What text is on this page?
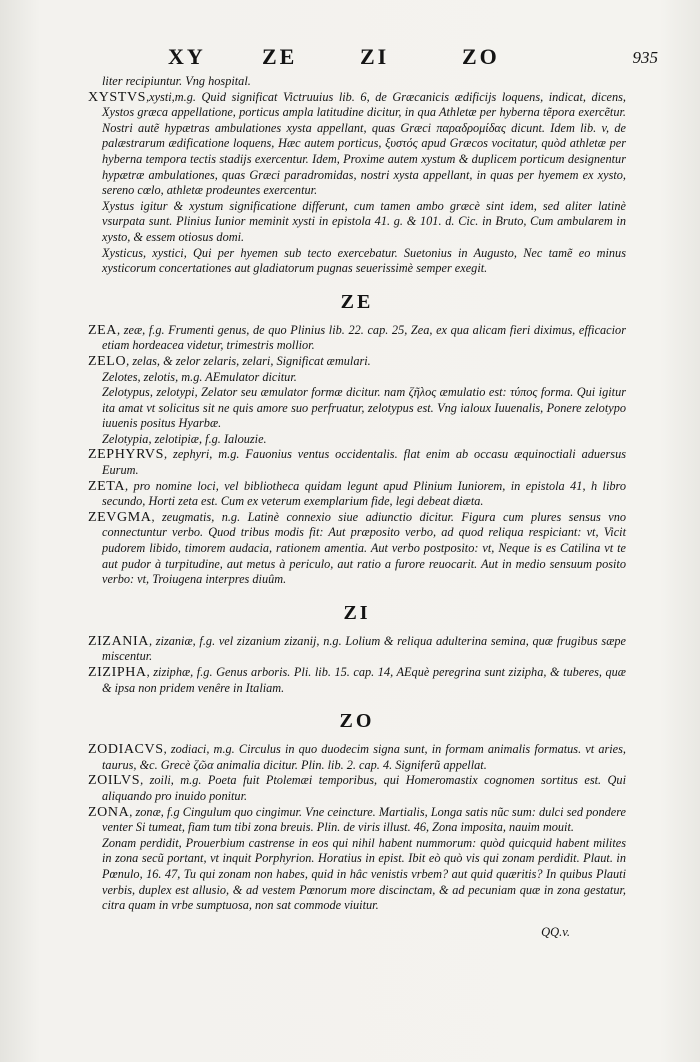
XY	ZE	ZI	ZO	935

liter recipiuntur. Vng hospital.

XYSTVS,xysti,m.g. Quid significat Victruuius lib. 6, de Græcanicis ædificijs loquens, indicat, dicens, Xystos græca appellatione, porticus ampla latitudine dicitur, in qua Athletæ per hyberna tẽpora exercẽtur. Nostri autẽ hypætras ambulationes xysta appellant, quas Græci παραδρομίδας dicunt. Idem lib. v, de palæstrarum ædificatione loquens, Hæc autem porticus, ξυστός apud Græcos vocitatur, quòd athletæ per hyberna tempora tectis stadijs exercentur. Idem, Proxime autem xystum & duplicem porticum designentur hypætræ ambulationes, quas Græci paradromidas, nostri xysta appellant, in quas per hyemem ex xysto, sereno cœlo, athletæ prodeuntes exercentur.

Xystus igitur & xystum significatione differunt, cum tamen ambo græcè sint idem, sed aliter latinè vsurpata sunt. Plinius Iunior meminit xysti in epistola 41. g. & 101. d. Cic. in Bruto, Cum ambularem in xysto, & essem otiosus domi.

Xysticus, xystici, Qui per hyemen sub tecto exercebatur. Suetonius in Augusto, Nec tamẽ eo minus xysticorum concertationes aut gladiatorum pugnas seuerissimè semper exegit.

ZE

ZEA, zeæ, f.g. Frumenti genus, de quo Plinius lib. 22. cap. 25, Zea, ex qua alicam fieri diximus, efficacior etiam hordeacea videtur, trimestris mollior.

ZELO, zelas, & zelor zelaris, zelari, Significat æmulari.

Zelotes, zelotis, m.g. AEmulator dicitur.

Zelotypus, zelotypi, Zelator seu æmulator formæ dicitur. nam ζῆλος æmulatio est: τύπος forma. Qui igitur ita amat vt solicitus sit ne quis amore suo perfruatur, zelotypus est. Vng ialoux Iuuenalis, Ponere zelotypo iuuenis positus Hyarbæ.

Zelotypia, zelotipiæ, f.g. Ialouzie.

ZEPHYRVS, zephyri, m.g. Fauonius ventus occidentalis. flat enim ab occasu æquinoctiali aduersus Eurum.

ZETA, pro nomine loci, vel bibliotheca quidam legunt apud Plinium Iuniorem, in epistola 41, h libro secundo, Horti zeta est. Cum ex veterum exemplarium fide, legi debeat diæta.

ZEVGMA, zeugmatis, n.g. Latinè connexio siue adiunctio dicitur. Figura cum plures sensus vno connectuntur verbo. Quod tribus modis fit: Aut præposito verbo, ad quod reliqua respiciant: vt, Vicit pudorem libido, timorem audacia, rationem amentia. Aut verbo postposito: vt, Neque is es Catilina vt te aut pudor à turpitudine, aut metus à periculo, aut ratio a furore reuocarit. Aut in medio sensuum posito verbo: vt, Troiugena interpres diuûm.

ZI

ZIZANIA, zizaniæ, f.g. vel zizanium zizanij, n.g. Lolium & reliqua adulterina semina, quæ frugibus sæpe miscentur.

ZIZIPHA, ziziphæ, f.g. Genus arboris. Pli. lib. 15. cap. 14, AEquè peregrina sunt zizipha, & tuberes, quæ & ipsa non pridem venêre in Italiam.

ZO

ZODIACVS, zodiaci, m.g. Circulus in quo duodecim signa sunt, in formam animalis formatus. vt aries, taurus, &c. Grecè ζῶα animalia dicitur. Plin. lib. 2. cap. 4. Signiferũ appellat.

ZOILVS, zoili, m.g. Poeta fuit Ptolemæi temporibus, qui Homeromastix cognomen sortitus est. Qui aliquando pro inuido ponitur.

ZONA, zonæ, f.g Cingulum quo cingimur. Vne ceincture. Martialis, Longa satis nũc sum: dulci sed pondere venter Si tumeat, fiam tum tibi zona breuis. Plin. de viris illust. 46, Zona imposita, nauim mouit.

Zonam perdidit, Prouerbium castrense in eos qui nihil habent nummorum: quòd quicquid habent milites in zona secũ portant, vt inquit Porphyrion. Horatius in epist. Ibit eò quò vis qui zonam perdidit. Plaut. in Pœnulo, 16. 47, Tu qui zonam non habes, quid in hâc venistis vrbem? aut quid quæritis? In quibus Plauti verbis, duplex est allusio, & ad vestem Pœnorum more discinctam, & ad pecuniam quæ in zona gestatur, citra quam in vrbe sumptuosa, non sat commode viuitur.

QQ.v.
